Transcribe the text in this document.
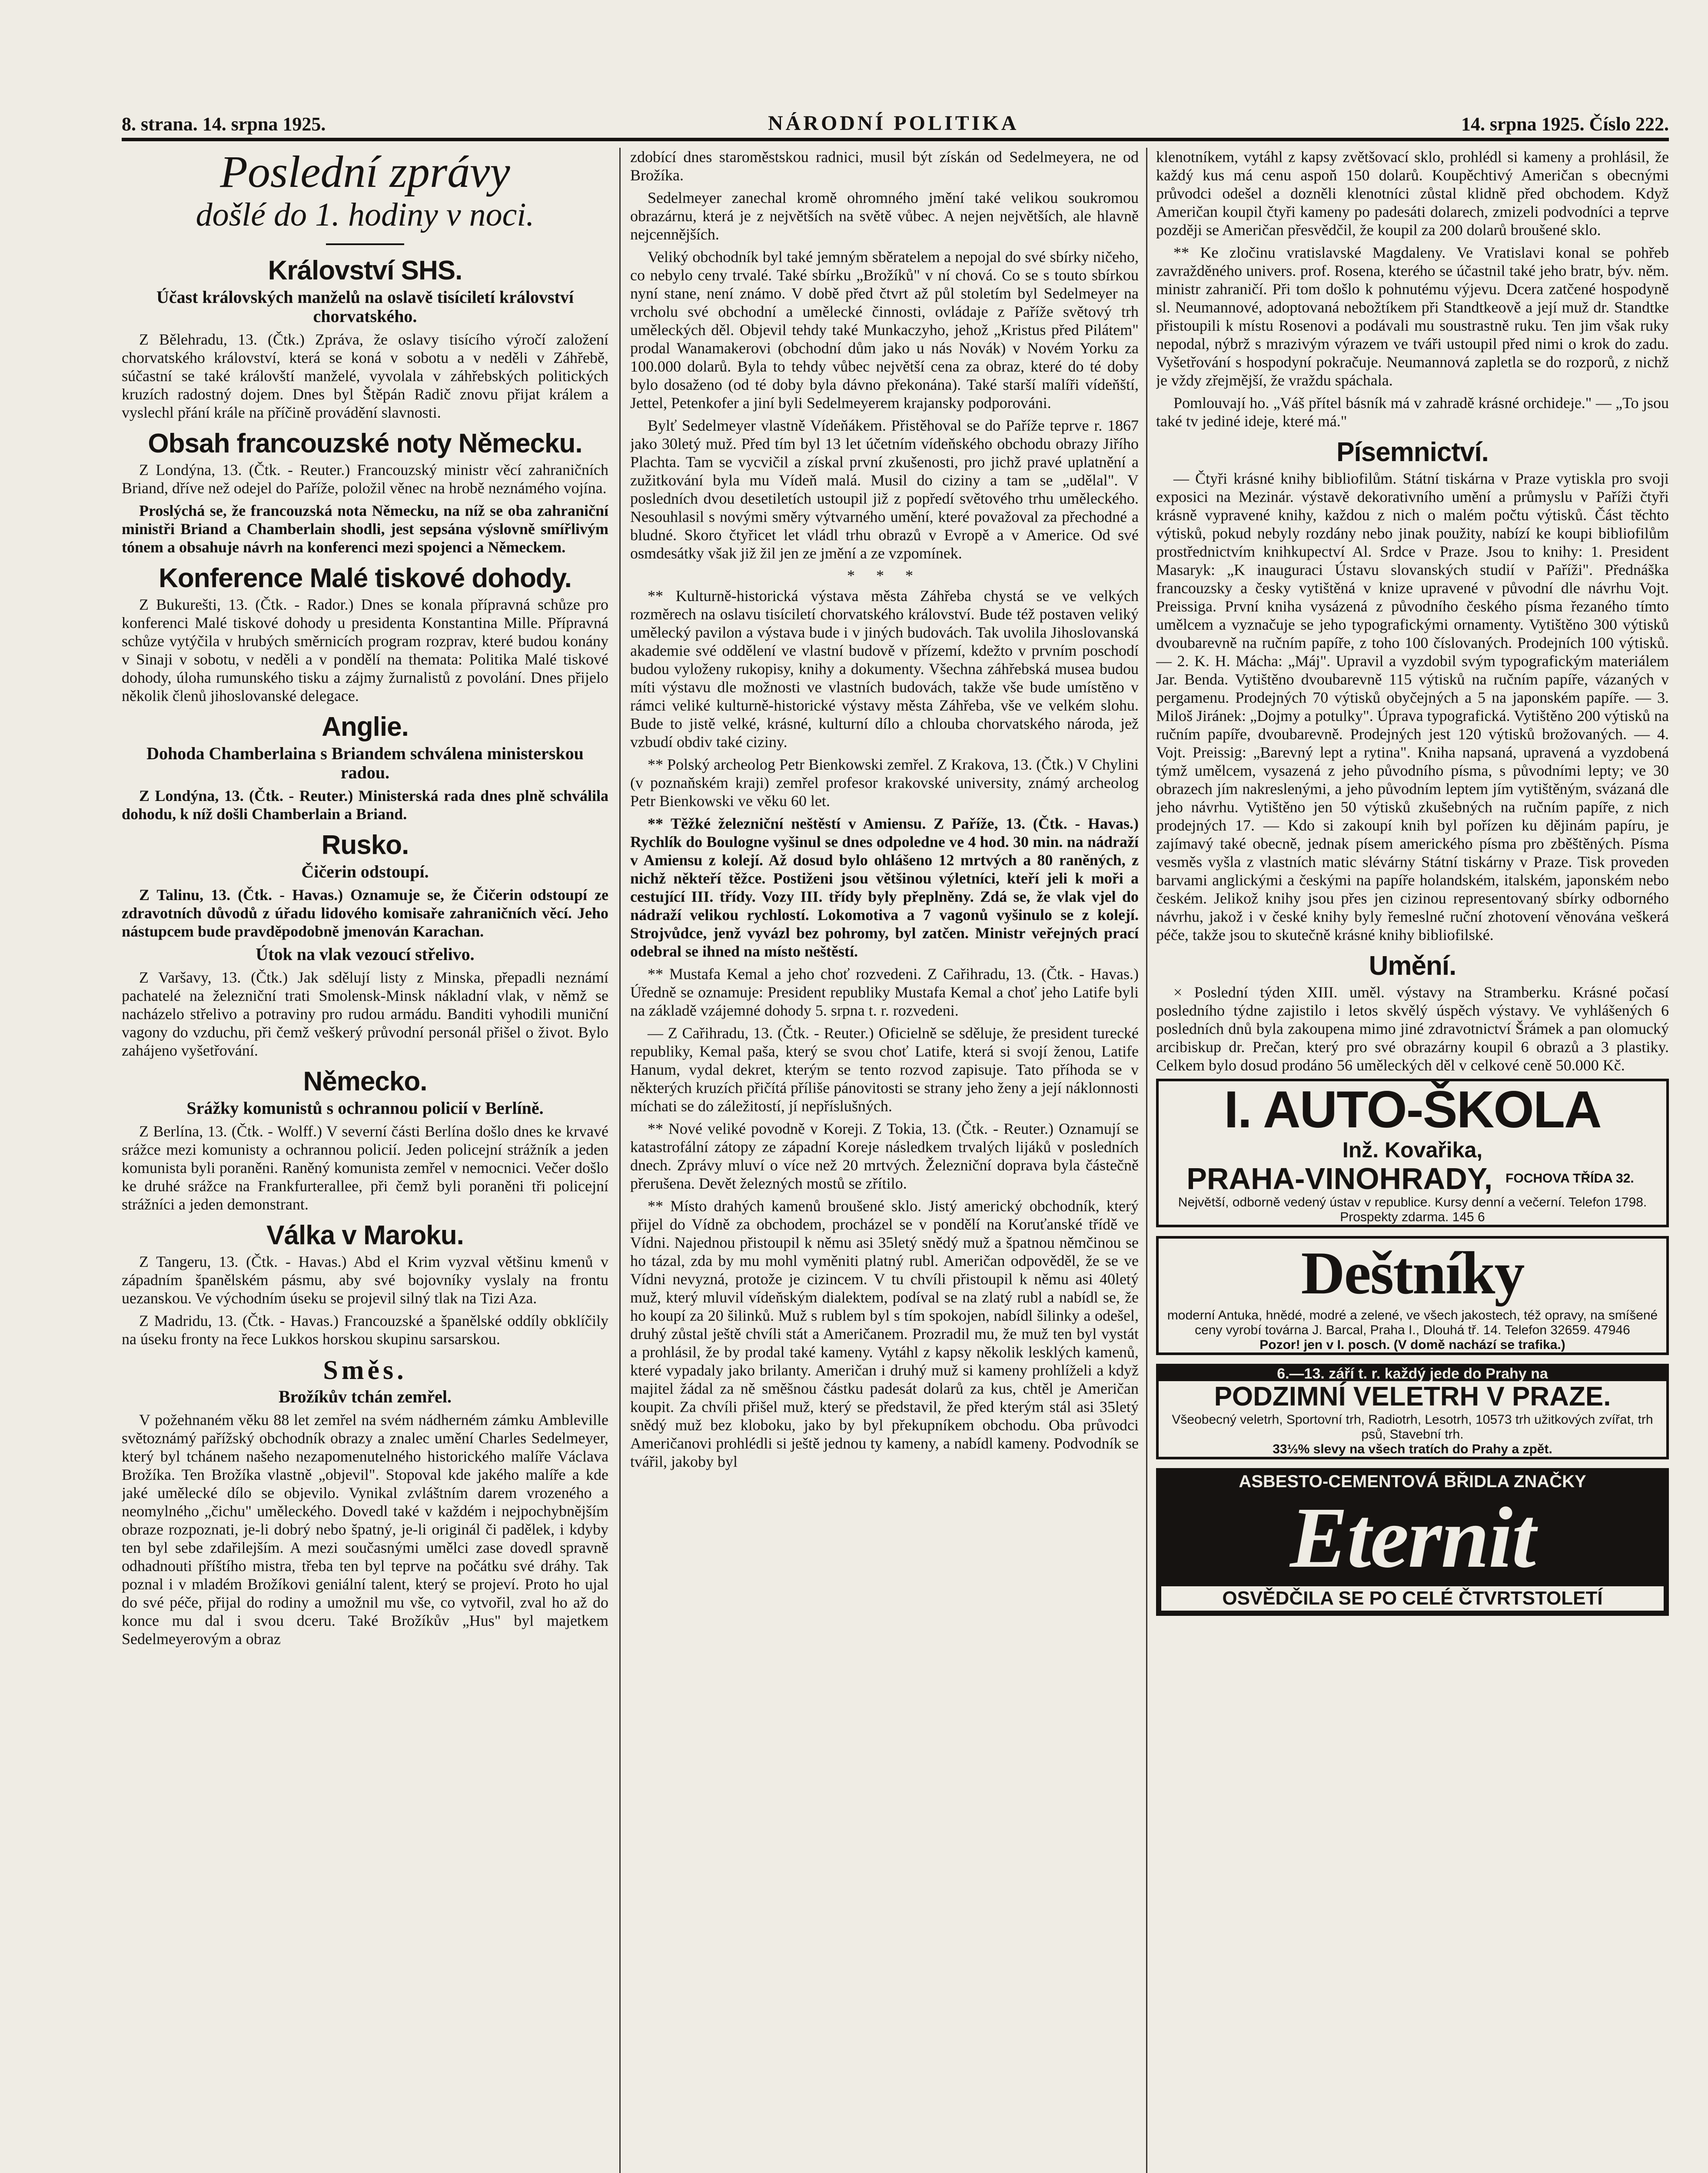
8. strana. 14. srpna 1925.	NÁRODNÍ POLITIKA	14. srpna 1925. Číslo 222.
Poslední zprávy
došlé do 1. hodiny v noci.
Království SHS.
Účast královských manželů na oslavě tisíciletí království chorvatského.

Z Bělehradu, 13. (Čtk.) Zpráva, že oslavy tisícího výročí založení chorvatského království, která se koná v sobotu a v neděli v Záhřebě, súčastní se také královští manželé, vyvolala v záhřebských politických kruzích radostný dojem. Dnes byl Štěpán Radič znovu přijat králem a vyslechl přání krále na příčině provádění slavnosti.

Obsah francouzské noty Německu.

Z Londýna, 13. (Čtk. - Reuter.) Francouzský ministr věcí zahraničních Briand, dříve než odejel do Paříže, položil věnec na hrobě neznámého vojína.

Proslýchá se, že francouzská nota Německu, na níž se oba zahraniční ministři Briand a Chamberlain shodli, jest sepsána výslovně smířlivým tónem a obsahuje návrh na konferenci mezi spojenci a Německem.

Konference Malé tiskové dohody.

Z Bukurešti, 13. (Čtk. - Rador.) Dnes se konala přípravná schůze pro konferenci Malé tiskové dohody u presidenta Konstantina Mille. Přípravná schůze vytýčila v hrubých směrnicích program rozprav, které budou konány v Sinaji v sobotu, v neděli a v pondělí na themata: Politika Malé tiskové dohody, úloha rumunského tisku a zájmy žurnalistů z povolání. Dnes přijelo několik členů jihoslovanské delegace.

Anglie.
Dohoda Chamberlaina s Briandem schválena ministerskou radou.

Z Londýna, 13. (Čtk. - Reuter.) Ministerská rada dnes plně schválila dohodu, k níž došli Chamberlain a Briand.

Rusko.
Čičerin odstoupí.

Z Talinu, 13. (Čtk. - Havas.) Oznamuje se, že Čičerin odstoupí ze zdravotních důvodů z úřadu lidového komisaře zahraničních věcí. Jeho nástupcem bude pravděpodobně jmenován Karachan.

Útok na vlak vezoucí střelivo.

Z Varšavy, 13. (Čtk.) Jak sdělují listy z Minska, přepadli neznámí pachatelé na železniční trati Smolensk-Minsk nákladní vlak, v němž se nacházelo střelivo a potraviny pro rudou armádu. Banditi vyhodili muniční vagony do vzduchu, při čemž veškerý průvodní personál přišel o život. Bylo zahájeno vyšetřování.

Německo.
Srážky komunistů s ochrannou policií v Berlíně.

Z Berlína, 13. (Čtk. - Wolff.) V severní části Berlína došlo dnes ke krvavé srážce mezi komunisty a ochrannou policií. Jeden policejní strážník a jeden komunista byli poraněni. Raněný komunista zemřel v nemocnici. Večer došlo ke druhé srážce na Frankfurterallee, při čemž byli poraněni tři policejní strážníci a jeden demonstrant.

Válka v Maroku.

Z Tangeru, 13. (Čtk. - Havas.) Abd el Krim vyzval většinu kmenů v západním španělském pásmu, aby své bojovníky vyslaly na frontu uezanskou. Ve východním úseku se projevil silný tlak na Tizi Aza.

Z Madridu, 13. (Čtk. - Havas.) Francouzské a španělské oddíly obklíčily na úseku fronty na řece Lukkos horskou skupinu sarsarskou.

Směs.
Brožíkův tchán zemřel.

V požehnaném věku 88 let zemřel na svém nádherném zámku Ambleville světoznámý pařížský obchodník obrazy a znalec umění Charles Sedelmeyer, který byl tchánem našeho nezapomenutelného historického malíře Václava Brožíka. Ten Brožíka vlastně „objevil". Stopoval kde jakého malíře a kde jaké umělecké dílo se objevilo. Vynikal zvláštním darem vrozeného a neomylného „čichu" uměleckého. Dovedl také v každém i nejpochybnějším obraze rozpoznati, je-li dobrý nebo špatný, je-li originál či padělek, i kdyby ten byl sebe zdařilejším. A mezi současnými umělci zase dovedl spravně odhadnouti příštího mistra, třeba ten byl teprve na počátku své dráhy. Tak poznal i v mladém Brožíkovi geniální talent, který se projeví. Proto ho ujal do své péče, přijal do rodiny a umožnil mu vše, co vytvořil, zval ho až do konce mu dal i svou dceru. Také Brožíkův „Hus" byl majetkem Sedelmeyerovým a obraz

zdobící dnes staroměstskou radnici, musil být získán od Sedelmeyera, ne od Brožíka.

Sedelmeyer zanechal kromě ohromného jmění také velikou soukromou obrazárnu, která je z největších na světě vůbec. A nejen největších, ale hlavně nejcennějších.

Veliký obchodník byl také jemným sběratelem a nepojal do své sbírky ničeho, co nebylo ceny trvalé. Také sbírku „Brožíků" v ní chová. Co se s touto sbírkou nyní stane, není známo. V době před čtvrt až půl stoletím byl Sedelmeyer na vrcholu své obchodní a umělecké činnosti, ovládaje z Paříže světový trh uměleckých děl. Objevil tehdy také Munkaczyho, jehož „Kristus před Pilátem" prodal Wanamakerovi (obchodní dům jako u nás Novák) v Novém Yorku za 100.000 dolarů. Byla to tehdy vůbec největší cena za obraz, které do té doby bylo dosaženo (od té doby byla dávno překonána). Také starší malíři vídeňští, Jettel, Petenkofer a jiní byli Sedelmeyerem krajansky podporováni.

Bylť Sedelmeyer vlastně Vídeňákem. Přistěhoval se do Paříže teprve r. 1867 jako 30letý muž. Před tím byl 13 let účetním vídeňského obchodu obrazy Jiřího Plachta. Tam se vycvičil a získal první zkušenosti, pro jichž pravé uplatnění a zužitkování byla mu Vídeň malá. Musil do ciziny a tam se „udělal". V posledních dvou desetiletích ustoupil již z popředí světového trhu uměleckého. Nesouhlasil s novými směry výtvarného umění, které považoval za přechodné a bludné. Skoro čtyřicet let vládl trhu obrazů v Evropě a v Americe. Od své osmdesátky však již žil jen ze jmění a ze vzpomínek.

* * *

** Kulturně-historická výstava města Záhřeba chystá se ve velkých rozměrech na oslavu tisíciletí chorvatského království. Bude též postaven veliký umělecký pavilon a výstava bude i v jiných budovách. Tak uvolila Jihoslovanská akademie své oddělení ve vlastní budově v přízemí, kdežto v prvním poschodí budou vyloženy rukopisy, knihy a dokumenty. Všechna záhřebská musea budou míti výstavu dle možnosti ve vlastních budovách, takže vše bude umístěno v rámci veliké kulturně-historické výstavy města Záhřeba, vše ve velkém slohu. Bude to jistě velké, krásné, kulturní dílo a chlouba chorvatského národa, jež vzbudí obdiv také ciziny.

** Polský archeolog Petr Bienkowski zemřel. Z Krakova, 13. (Čtk.) V Chylini (v poznaňském kraji) zemřel profesor krakovské university, známý archeolog Petr Bienkowski ve věku 60 let.

** Těžké železniční neštěstí v Amiensu. Z Paříže, 13. (Čtk. - Havas.) Rychlík do Boulogne vyšinul se dnes odpoledne ve 4 hod. 30 min. na nádraží v Amiensu z kolejí. Až dosud bylo ohlášeno 12 mrtvých a 80 raněných, z nichž někteří těžce. Postiženi jsou většinou výletníci, kteří jeli k moři a cestující III. třídy. Vozy III. třídy byly přeplněny. Zdá se, že vlak vjel do nádraží velikou rychlostí. Lokomotiva a 7 vagonů vyšinulo se z kolejí. Strojvůdce, jenž vyvázl bez pohromy, byl zatčen. Ministr veřejných prací odebral se ihned na místo neštěstí.

** Mustafa Kemal a jeho choť rozvedeni. Z Cařihradu, 13. (Čtk. - Havas.) Úředně se oznamuje: President republiky Mustafa Kemal a choť jeho Latife byli na základě vzájemné dohody 5. srpna t. r. rozvedeni.

— Z Cařihradu, 13. (Čtk. - Reuter.) Oficielně se sděluje, že president turecké republiky, Kemal paša, který se svou choť Latife, která si svojí ženou, Latife Hanum, vydal dekret, kterým se tento rozvod zapisuje. Tato příhoda se v některých kruzích přičítá příliše pánovitosti se strany jeho ženy a její náklonnosti míchati se do záležitostí, jí nepříslušných.

** Nové veliké povodně v Koreji. Z Tokia, 13. (Čtk. - Reuter.) Oznamují se katastrofální zátopy ze západní Koreje následkem trvalých lijáků v posledních dnech. Zprávy mluví o více než 20 mrtvých. Železniční doprava byla částečně přerušena. Devět železných mostů se zřítilo.

** Místo drahých kamenů broušené sklo. Jistý americký obchodník, který přijel do Vídně za obchodem, procházel se v pondělí na Koruťanské třídě ve Vídni. Najednou přistoupil k němu asi 35letý snědý muž a špatnou němčinou se ho tázal, zda by mu mohl vyměniti platný rubl. Američan odpověděl, že se ve Vídni nevyzná, protože je cizincem. V tu chvíli přistoupil k němu asi 40letý muž, který mluvil vídeňským dialektem, podíval se na zlatý rubl a nabídl se, že ho koupí za 20 šilinků. Muž s rublem byl s tím spokojen, nabídl šilinky a odešel, druhý zůstal ještě chvíli stát a Američanem. Prozradil mu, že muž ten byl vystát a prohlásil, že by prodal také kameny. Vytáhl z kapsy několik lesklých kamenů, které vypadaly jako brilanty. Američan i druhý muž si kameny prohlíželi a když majitel žádal za ně směšnou částku padesát dolarů za kus, chtěl je Američan koupit. Za chvíli přišel muž, který se představil, že před kterým stál asi 35letý snědý muž bez kloboku, jako by byl překupníkem obchodu. Oba průvodci Američanovi prohlédli si ještě jednou ty kameny, a nabídl kameny. Podvodník se tvářil, jakoby byl

klenotníkem, vytáhl z kapsy zvětšovací sklo, prohlédl si kameny a prohlásil, že každý kus má cenu aspoň 150 dolarů. Koupěchtivý Američan s obecnými průvodci odešel a dozněli klenotníci zůstal klidně před obchodem. Když Američan koupil čtyři kameny po padesáti dolarech, zmizeli podvodníci a teprve později se Američan přesvědčil, že koupil za 200 dolarů broušené sklo.

** Ke zločinu vratislavské Magdaleny. Ve Vratislavi konal se pohřeb zavražděného univers. prof. Rosena, kterého se účastnil také jeho bratr, býv. něm. ministr zahraničí. Při tom došlo k pohnutému výjevu. Dcera zatčené hospodyně sl. Neumannové, adoptovaná nebožtíkem při Standtkeově a její muž dr. Standtke přistoupili k místu Rosenovi a podávali mu soustrastně ruku. Ten jim však ruky nepodal, nýbrž s mrazivým výrazem ve tváři ustoupil před nimi o krok do zadu. Vyšetřování s hospodyní pokračuje. Neumannová zapletla se do rozporů, z nichž je vždy zřejmější, že vraždu spáchala.

Pomlouvají ho. „Váš přítel básník má v zahradě krásné orchideje." — „To jsou také tv jediné ideje, které má."

Písemnictví.

— Čtyři krásné knihy bibliofilům. Státní tiskárna v Praze vytiskla pro svoji exposici na Mezinár. výstavě dekorativního umění a průmyslu v Paříži čtyři krásně vypravené knihy, každou z nich o malém počtu výtisků. Část těchto výtisků, pokud nebyly rozdány nebo jinak použity, nabízí ke koupi bibliofilům prostřednictvím knihkupectví Al. Srdce v Praze. Jsou to knihy: 1. President Masaryk: „K inauguraci Ústavu slovanských studií v Paříži". Přednáška francouzsky a česky vytištěná v knize upravené v původní dle návrhu Vojt. Preissiga. První kniha vysázená z původního českého písma řezaného tímto umělcem a vyznačuje se jeho typografickými ornamenty. Vytištěno 300 výtisků dvoubarevně na ručním papíře, z toho 100 číslovaných. Prodejních 100 výtisků. — 2. K. H. Mácha: „Máj". Upravil a vyzdobil svým typografickým materiálem Jar. Benda. Vytištěno dvoubarevně 115 výtisků na ručním papíře, vázaných v pergamenu. Prodejných 70 výtisků obyčejných a 5 na japonském papíře. — 3. Miloš Jiránek: „Dojmy a potulky". Úprava typografická. Vytištěno 200 výtisků na ručním papíře, dvoubarevně. Prodejných jest 120 výtisků brožovaných. — 4. Vojt. Preissig: „Barevný lept a rytina". Kniha napsaná, upravená a vyzdobená týmž umělcem, vysazená z jeho původního písma, s původními lepty; ve 30 obrazech jím nakreslenými, a jeho původním leptem jím vytištěným, svázaná dle jeho návrhu. Vytištěno jen 50 výtisků zkušebných na ručním papíře, z nich prodejných 17. — Kdo si zakoupí knih byl pořízen ku dějinám papíru, je zajímavý také obecně, jednak písem amerického písma pro zběštěných. Písma vesměs vyšla z vlastních matic slévárny Státní tiskárny v Praze. Tisk proveden barvami anglickými a českými na papíře holandském, italském, japonském nebo českém. Jelikož knihy jsou přes jen cizinou representovaný sbírky odborného návrhu, jakož i v české knihy byly řemeslné ruční zhotovení věnována veškerá péče, takže jsou to skutečně krásné knihy bibliofilské.

Umění.

× Poslední týden XIII. uměl. výstavy na Stramberku. Krásné počasí posledního týdne zajistilo i letos skvělý úspěch výstavy. Ve vyhlášených 6 posledních dnů byla zakoupena mimo jiné zdravotnictví Šrámek a pan olomucký arcibiskup dr. Prečan, který pro své obrazárny koupil 6 obrazů a 3 plastiky. Celkem bylo dosud prodáno 56 uměleckých děl v celkové ceně 50.000 Kč.

I. AUTO-ŠKOLA
Inž. Kovařika,
PRAHA-VINOHRADY,	FOCHOVA TŘÍDA 32.
Největší, odborně vedený ústav v republice. Kursy denní a večerní. Telefon 1798. Prospekty zdarma. 145 6
Deštníky
moderní Antuka, hnědé, modré a zelené, ve všech jakostech, též opravy, na smíšené ceny vyrobí továrna J. Barcal, Praha I., Dlouhá tř. 14. Telefon 32659. 47946
Pozor! jen v I. posch. (V domě nachází se trafika.)
6.—13. září t. r. každý jede do Prahy na
PODZIMNÍ VELETRH V PRAZE.
Všeobecný veletrh, Sportovní trh, Radiotrh, Lesotrh, 10573 trh užitkových zvířat, trh psů, Stavební trh.
33⅓% slevy na všech tratích do Prahy a zpět.
ASBESTO-CEMENTOVÁ BŘIDLA ZNAČKY
Eternit
OSVĚDČILA SE PO CELÉ ČTVRTSTOLETÍ
